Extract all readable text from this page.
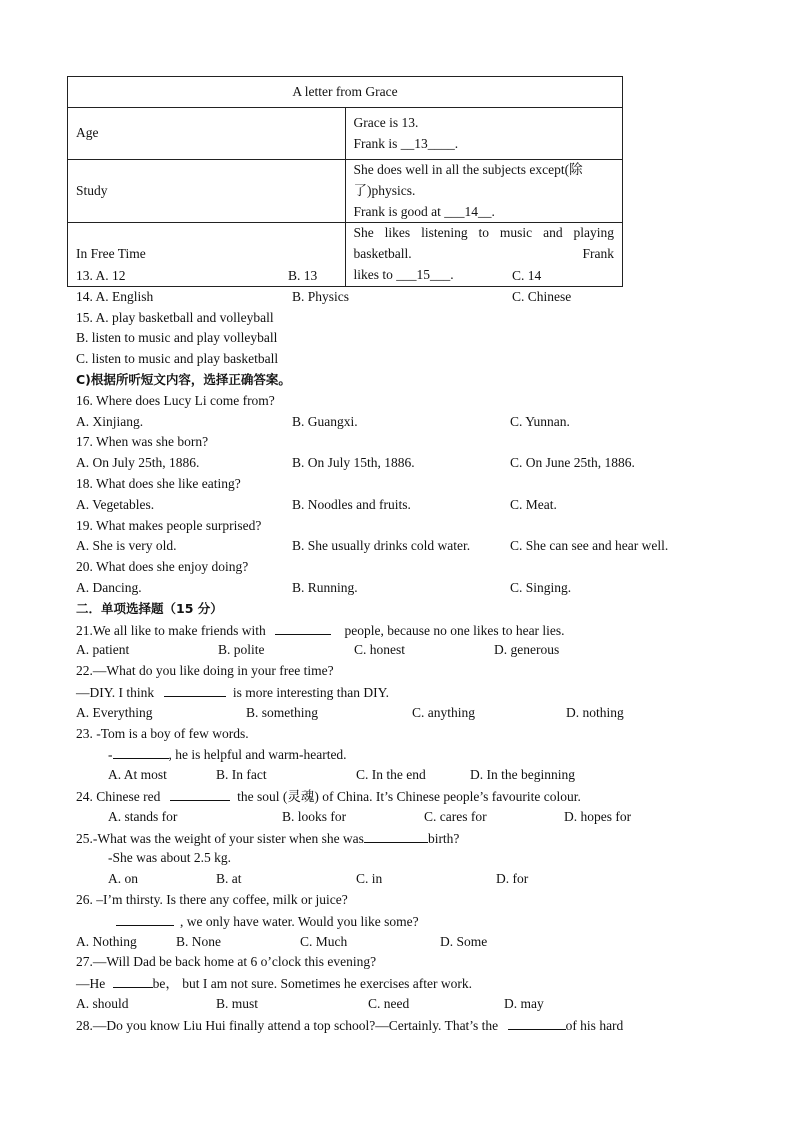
A letter from Grace	
Age	Grace is 13.
Frank is __13____.

Study	She does well in all the subjects except(除了)physics.
Frank is good at ___14__.

In Free Time	She likes listening to music and playing basketball. Frank
likes to ___15___.
13. A. 12	B. 13	C. 14
14. A. English	B. Physics	C. Chinese
15. A. play basketball and volleyball
B. listen to music and play volleyball
C. listen to music and play basketball
C)根据所听短文内容，选择正确答案。
16. Where does Lucy Li come from?
A. Xinjiang.	B. Guangxi.	C. Yunnan.
17. When was she born?
A. On July 25th, 1886.	B. On July 15th, 1886.	C. On June 25th, 1886.
18. What does she like eating?
A. Vegetables.	B. Noodles and fruits.	C. Meat.
19. What makes people surprised?
A. She is very old.	B. She usually drinks cold water.	C. She can see and hear well.
20. What does she enjoy doing?
A. Dancing.	B. Running.	C. Singing.
二．单项选择题（15 分）
21.We all like to make friends with	people, because no one likes to hear lies.
A. patient	B. polite	C. honest	D. generous
22.—What do you like doing in your free time?
—DIY. I think	is more interesting than DIY.
A. Everything	B. something	C. anything	D. nothing
23. -Tom is a boy of few words.
-	, he is helpful and warm-hearted.
A. At most	B. In fact	C. In the end	D. In the beginning
24. Chinese red	the soul (灵魂) of China. It’s Chinese people’s favourite colour.
A. stands for	B. looks for	C. cares for	D. hopes for
25.-What was the weight of your sister when she was	birth?
-She was about 2.5 kg.
A. on	B. at	C. in	D. for
26. –I’m thirsty. Is there any coffee, milk or juice?
, we only have water. Would you like some?
A. Nothing	B. None	C. Much	D. Some
27.—Will Dad be back home at 6 o’clock this evening?
—He	be， but I am not sure. Sometimes he exercises after work.
A. should	B. must	C. need	D. may
28.—Do you know Liu Hui finally attend a top school?—Certainly. That’s the	of his hard
